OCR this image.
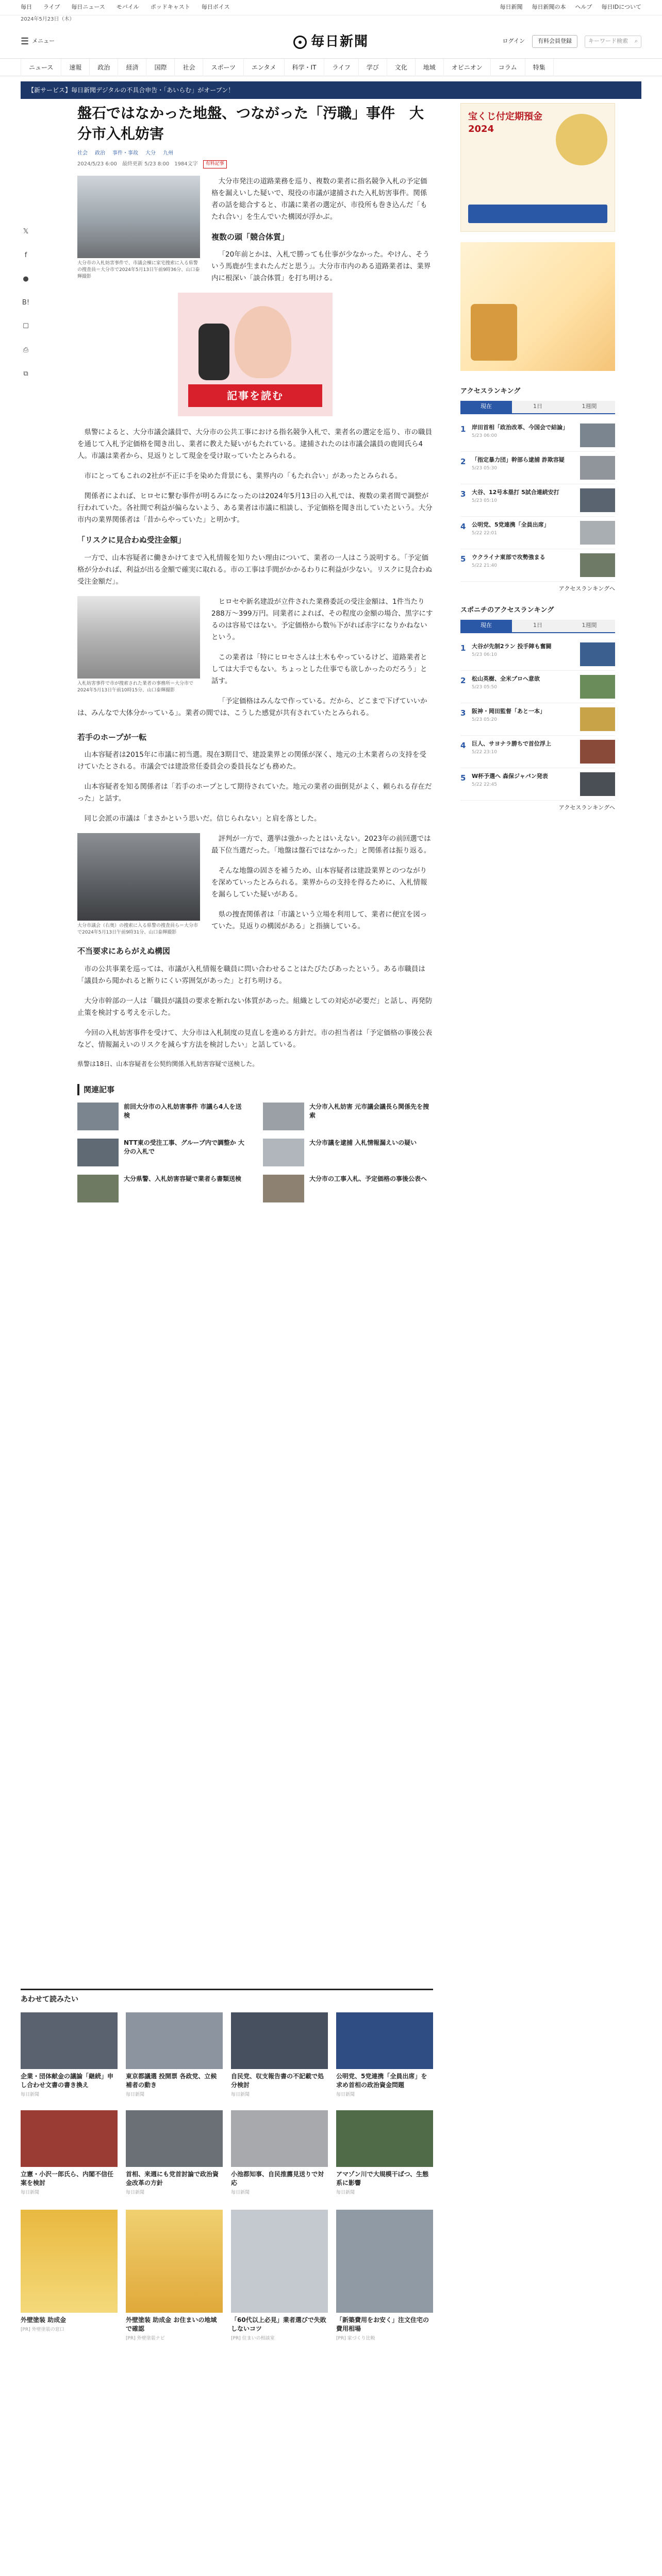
毎日 ライブ 毎日ニュース モバイル ポッドキャスト 毎日ボイス	毎日新聞 毎日新聞の本 ヘルプ 毎日IDについて
2024年5月23日（木）
☰ メニュー	毎日新聞	ログイン	有料会員登録	キーワード検索 ⌕
ニュース	速報	政治	経済	国際	社会	スポーツ	エンタメ	科学・IT	ライフ	学び	文化	地域	オピニオン	コラム	特集
【新サービス】毎日新聞デジタルの不具合申告・「あいらむ」がオープン！
𝕏
f
●
B!
☐
⎙
⧉
盤石ではなかった地盤、つながった「汚職」事件　大分市入札妨害
社会 政治 事件・事故 大分 九州
2024/5/23 6:00 最終更新 5/23 8:00 1984文字	有料記事
大分市の入札妨害事件で、市議会棟に家宅捜索に入る県警の捜査員＝大分市で2024年5月13日午前9時36分、山口泰輝撮影

大分市発注の道路業務を巡り、複数の業者に指名競争入札の予定価格を漏えいした疑いで、現役の市議が逮捕された入札妨害事件。関係者の話を総合すると、市議に業者の選定が、市役所も巻き込んだ「もたれ合い」を生んでいた構図が浮かぶ。

複数の頭「競合体質」

「20年前とかは、入札で勝っても仕事が少なかった。やけん、そういう馬鹿が生まれたんだと思う」。大分市市内のある道路業者は、業界内に根深い「談合体質」を打ち明ける。

記事を読む

県警によると、大分市議会議員で、大分市の公共工事における指名競争入札で、業者名の選定を巡り、市の職員を通じて入札予定価格を聞き出し、業者に教えた疑いがもたれている。逮捕されたのは市議会議員の鹿岡氏ら4人。市議は業者から、見返りとして現金を受け取っていたとみられる。

市にとってもこれの2社が不正に手を染めた背景にも、業界内の「もたれ合い」があったとみられる。

関係者によれば、ヒロセに繋む事件が明るみになったのは2024年5月13日の入札では、複数の業者間で調整が行われていた。各社間で利益が偏らないよう、ある業者は市議に相談し、予定価格を聞き出していたという。大分市内の業界関係者は「昔からやっていた」と明かす。

「リスクに見合わぬ受注金額」

一方で、山本容疑者に働きかけてまで入札情報を知りたい理由について、業者の一人はこう説明する。「予定価格が分かれば、利益が出る金額で確実に取れる。市の工事は手間がかかるわりに利益が少ない。リスクに見合わぬ受注金額だ」。

入札妨害事件で市が捜索された業者の事務所＝大分市で2024年5月13日午前10時15分、山口泰輝撮影

ヒロセや新名建設が立件された業務委託の受注金額は、1件当たり288万〜399万円。同業者によれば、その程度の金額の場合、黒字にするのは容易ではない。予定価格から数％下がれば赤字になりかねないという。

この業者は「特にヒロセさんは土木もやっているけど、道路業者としては大手でもない。ちょっとした仕事でも欲しかったのだろう」と話す。

「予定価格はみんなで作っている。だから、どこまで下げていいかは、みんなで大体分かっている」。業者の間では、こうした感覚が共有されていたとみられる。

若手のホープが一転

山本容疑者は2015年に市議に初当選。現在3期目で、建設業界との関係が深く、地元の土木業者らの支持を受けていたとされる。市議会では建設常任委員会の委員長なども務めた。

山本容疑者を知る関係者は「若手のホープとして期待されていた。地元の業者の面倒見がよく、頼られる存在だった」と話す。

同じ会派の市議は「まさかという思いだ。信じられない」と肩を落とした。

大分市議会（右奥）の捜索に入る県警の捜査員ら＝大分市で2024年5月13日午前9時31分、山口泰輝撮影

評判が一方で、選挙は強かったとはいえない。2023年の前回選では最下位当選だった。「地盤は盤石ではなかった」と関係者は振り返る。

そんな地盤の固さを補うため、山本容疑者は建設業界とのつながりを深めていったとみられる。業界からの支持を得るために、入札情報を漏らしていた疑いがある。

県の捜査関係者は「市議という立場を利用して、業者に便宜を図っていた。見返りの構図がある」と指摘している。

不当要求にあらがえぬ構図

市の公共事業を巡っては、市議が入札情報を職員に問い合わせることはたびたびあったという。ある市職員は「議員から聞かれると断りにくい雰囲気があった」と打ち明ける。

大分市幹部の一人は「職員が議員の要求を断れない体質があった。組織としての対応が必要だ」と話し、再発防止策を検討する考えを示した。

今回の入札妨害事件を受けて、大分市は入札制度の見直しを進める方針だ。市の担当者は「予定価格の事後公表など、情報漏えいのリスクを減らす方法を検討したい」と話している。

県警は18日、山本容疑者を公契約関係入札妨害容疑で送検した。

関連記事
前回大分市の入札妨害事件 市議ら4人を送検
大分市入札妨害 元市議会議長ら関係先を捜索
NTT東の受注工事、グループ内で調整か 大分の入札で
大分市議を逮捕 入札情報漏えいの疑い
大分県警、入札妨害容疑で業者ら書類送検	大分市の工事入札、予定価格の事後公表へ
宝くじ付定期預金2024
アクセスランキング
現在	1日	1週間
1	岸田首相「政治改革、今国会で結論」
5/23 06:00
2	「指定暴力団」幹部ら逮捕 詐欺容疑
5/23 05:30
3	大谷、12号本塁打 5試合連続安打
5/23 05:10
4	公明党、5党連携「全員出席」
5/22 22:01
5	ウクライナ東部で攻勢強まる
5/22 21:40
アクセスランキングへ
スポニチのアクセスランキング
現在	1日	1週間
1	大谷が先制2ラン 投手陣も奮闘
5/23 06:10
2	松山英樹、全米プロへ意欲
5/23 05:50
3	阪神・岡田監督「あと一本」
5/23 05:20
4	巨人、サヨナラ勝ちで首位浮上
5/22 23:10
5	W杯予選へ 森保ジャパン発表
5/22 22:45
アクセスランキングへ
あわせて読みたい
企業・団体献金の議論「継続」申し合わせ文書の書き換え
毎日新聞
東京都議選 投開票 各政党、立候補者の動き
毎日新聞
自民党、収支報告書の不記載で処分検討
毎日新聞
公明党、5党連携「全員出席」を求め首相の政治資金問題
毎日新聞
立憲・小沢一郎氏ら、内閣不信任案を検討
毎日新聞
首相、来週にも党首討論で政治資金改革の方針
毎日新聞
小池都知事、自民推薦見送りで対応
毎日新聞
アマゾン川で大規模干ばつ、生態系に影響
毎日新聞
外壁塗装 助成金
[PR] 外壁塗装の窓口
外壁塗装 助成金 お住まいの地域で確認
[PR] 外壁塗装ナビ
「60代以上必見」業者選びで失敗しないコツ
[PR] 住まいの相談室
「新築費用をお安く」注文住宅の費用相場
[PR] 家づくり比較
